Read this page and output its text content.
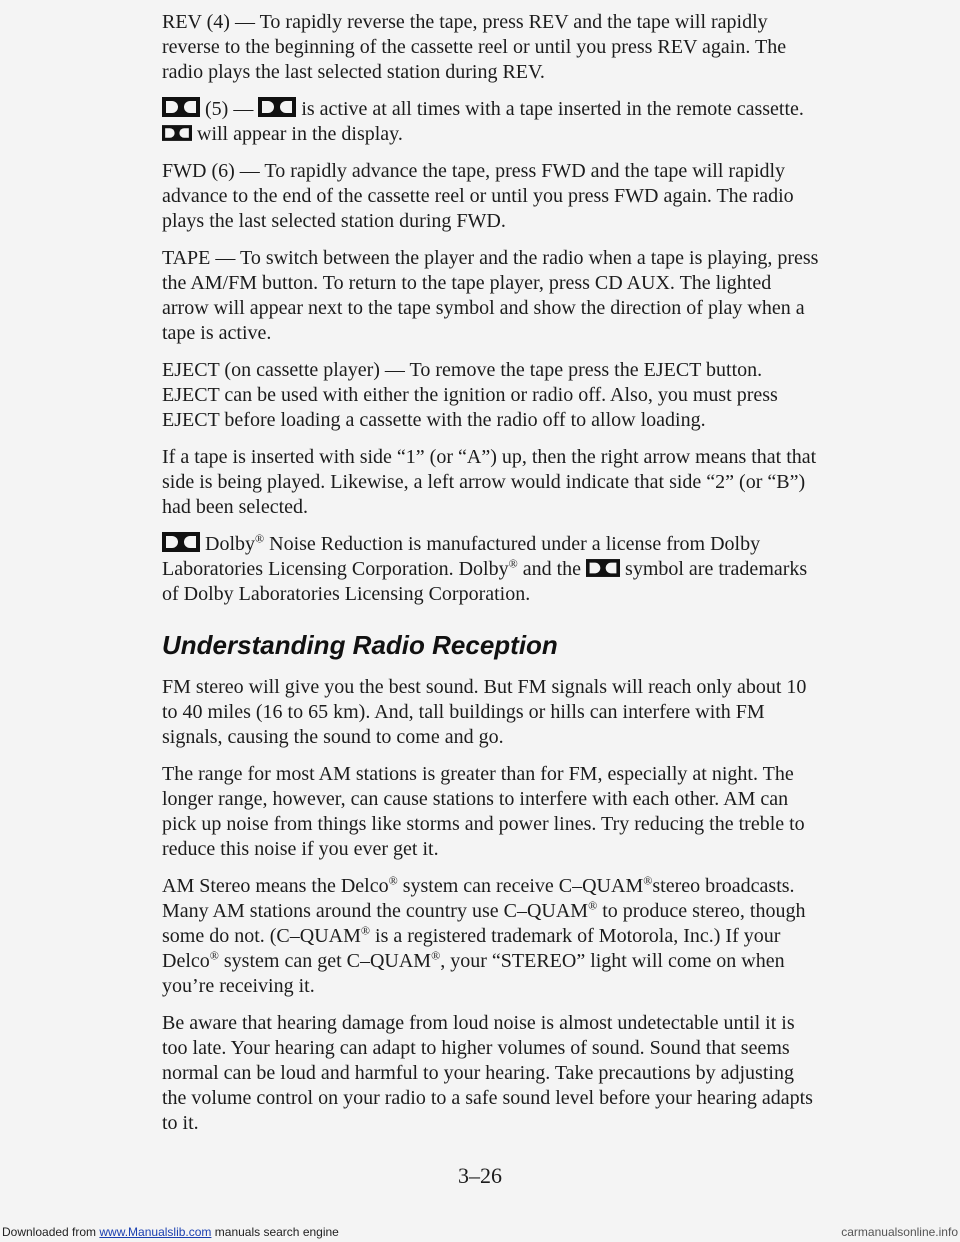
REV (4) — To rapidly reverse the tape, press REV and the tape will rapidly reverse to the beginning of the cassette reel or until you press REV again. The radio plays the last selected station during REV.

(5) — is active at all times with a tape inserted in the remote cassette.
will appear in the display.

FWD (6) — To rapidly advance the tape, press FWD and the tape will rapidly advance to the end of the cassette reel or until you press FWD again. The radio plays the last selected station during FWD.

TAPE — To switch between the player and the radio when a tape is playing, press the AM/FM button. To return to the tape player, press CD AUX. The lighted arrow will appear next to the tape symbol and show the direction of play when a tape is active.

EJECT (on cassette player) — To remove the tape press the EJECT button. EJECT can be used with either the ignition or radio off. Also, you must press EJECT before loading a cassette with the radio off to allow loading.

If a tape is inserted with side “1” (or “A”) up, then the right arrow means that that side is being played. Likewise, a left arrow would indicate that side “2” (or “B”) had been selected.

Dolby® Noise Reduction is manufactured under a license from Dolby Laboratories Licensing Corporation. Dolby® and the symbol are trademarks of Dolby Laboratories Licensing Corporation.

Understanding Radio Reception

FM stereo will give you the best sound. But FM signals will reach only about 10 to 40 miles (16 to 65 km). And, tall buildings or hills can interfere with FM signals, causing the sound to come and go.

The range for most AM stations is greater than for FM, especially at night. The longer range, however, can cause stations to interfere with each other. AM can pick up noise from things like storms and power lines. Try reducing the treble to reduce this noise if you ever get it.

AM Stereo means the Delco® system can receive C–QUAM®stereo broadcasts. Many AM stations around the country use C–QUAM® to produce stereo, though some do not. (C–QUAM® is a registered trademark of Motorola, Inc.) If your Delco® system can get C–QUAM®, your “STEREO” light will come on when you’re receiving it.

Be aware that hearing damage from loud noise is almost undetectable until it is too late. Your hearing can adapt to higher volumes of sound. Sound that seems normal can be loud and harmful to your hearing. Take precautions by adjusting the volume control on your radio to a safe sound level before your hearing adapts to it.

3–26
Downloaded from www.Manualslib.com manuals search engine	carmanualsonline.info
